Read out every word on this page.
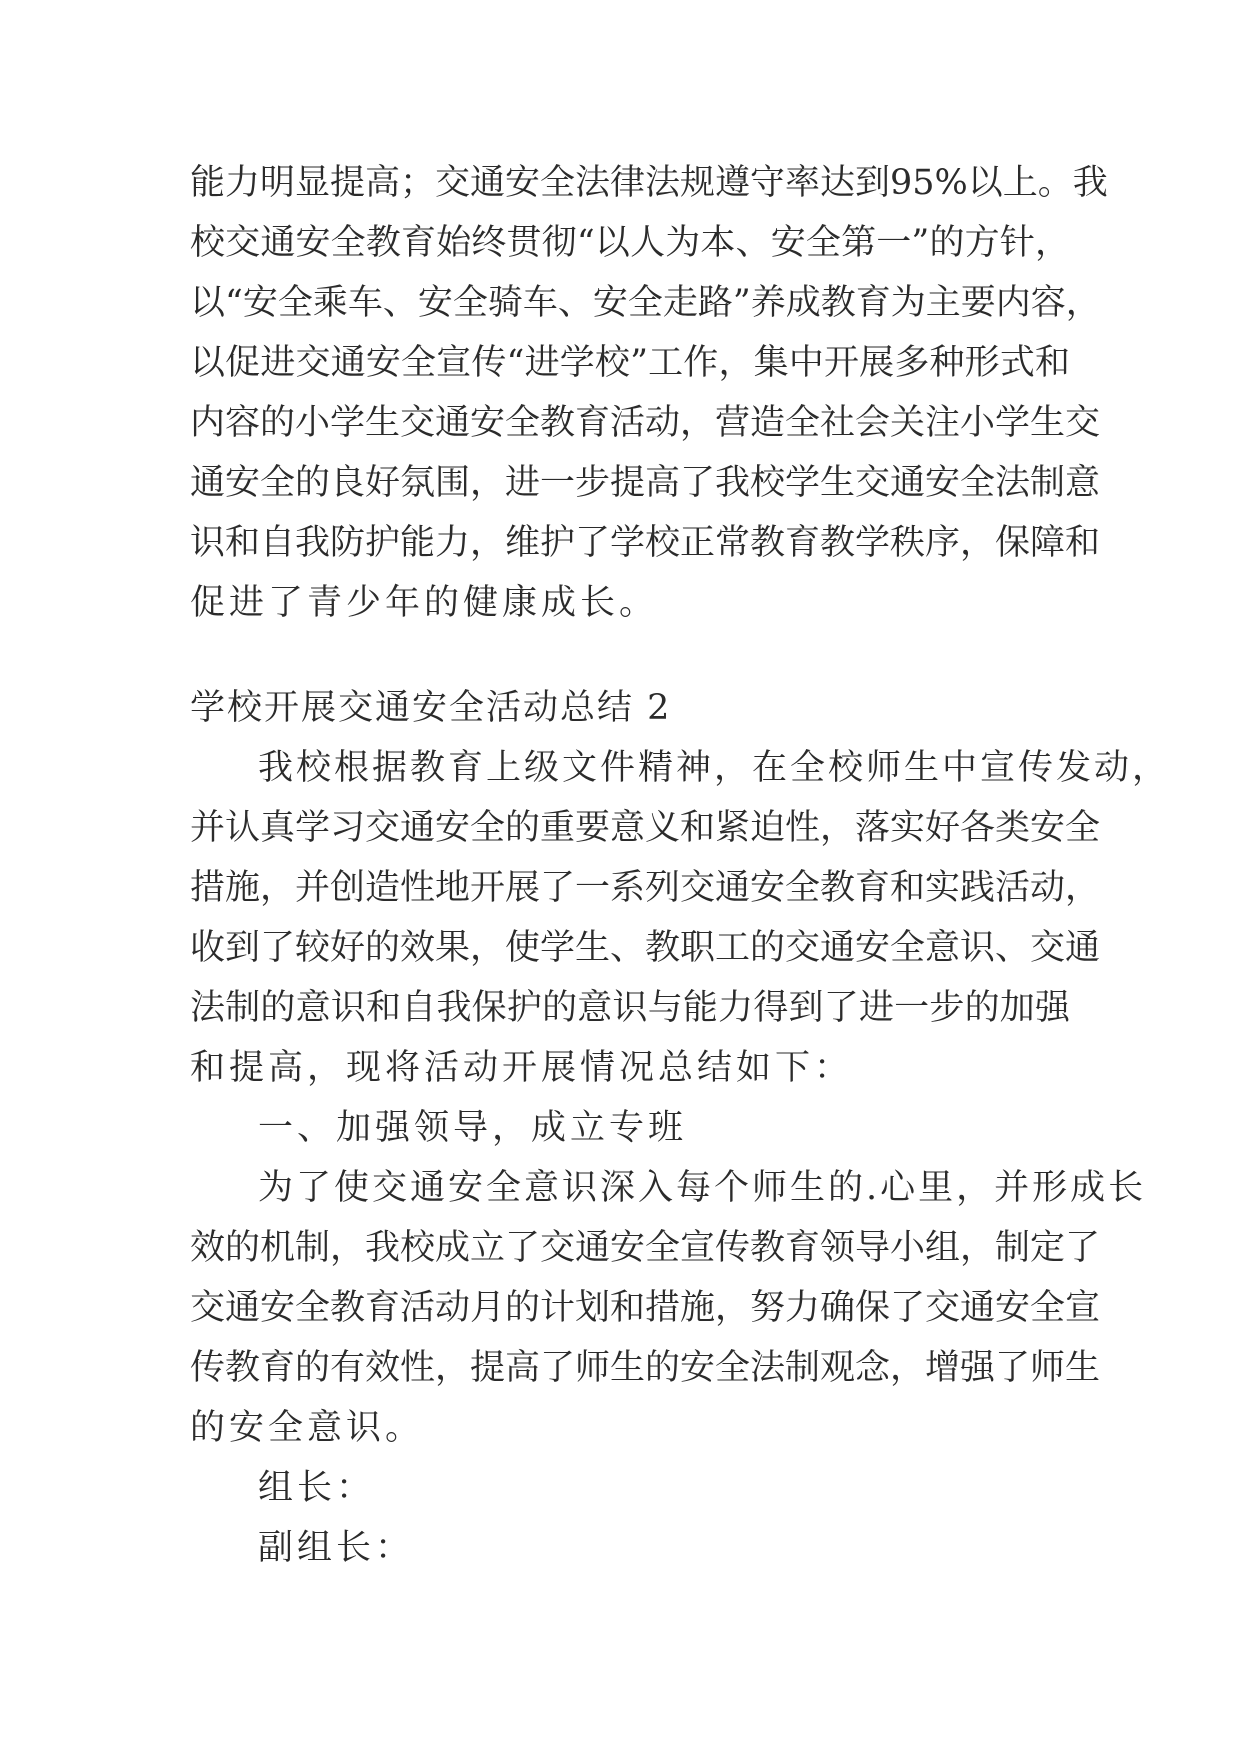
能力明显提高；交通安全法律法规遵守率达到95%以上。我

校交通安全教育始终贯彻“以人为本、安全第一”的方针，

以“安全乘车、安全骑车、安全走路”养成教育为主要内容，

以促进交通安全宣传“进学校”工作，集中开展多种形式和

内容的小学生交通安全教育活动，营造全社会关注小学生交

通安全的良好氛围，进一步提高了我校学生交通安全法制意

识和自我防护能力，维护了学校正常教育教学秩序，保障和

促进了青少年的健康成长。

学校开展交通安全活动总结 2

我校根据教育上级文件精神，在全校师生中宣传发动，

并认真学习交通安全的重要意义和紧迫性，落实好各类安全

措施，并创造性地开展了一系列交通安全教育和实践活动，

收到了较好的效果，使学生、教职工的交通安全意识、交通

法制的意识和自我保护的意识与能力得到了进一步的加强

和提高，现将活动开展情况总结如下：

一、加强领导，成立专班

为了使交通安全意识深入每个师生的.心里，并形成长

效的机制，我校成立了交通安全宣传教育领导小组，制定了

交通安全教育活动月的计划和措施，努力确保了交通安全宣

传教育的有效性，提高了师生的安全法制观念，增强了师生

的安全意识。

组长：

副组长：
